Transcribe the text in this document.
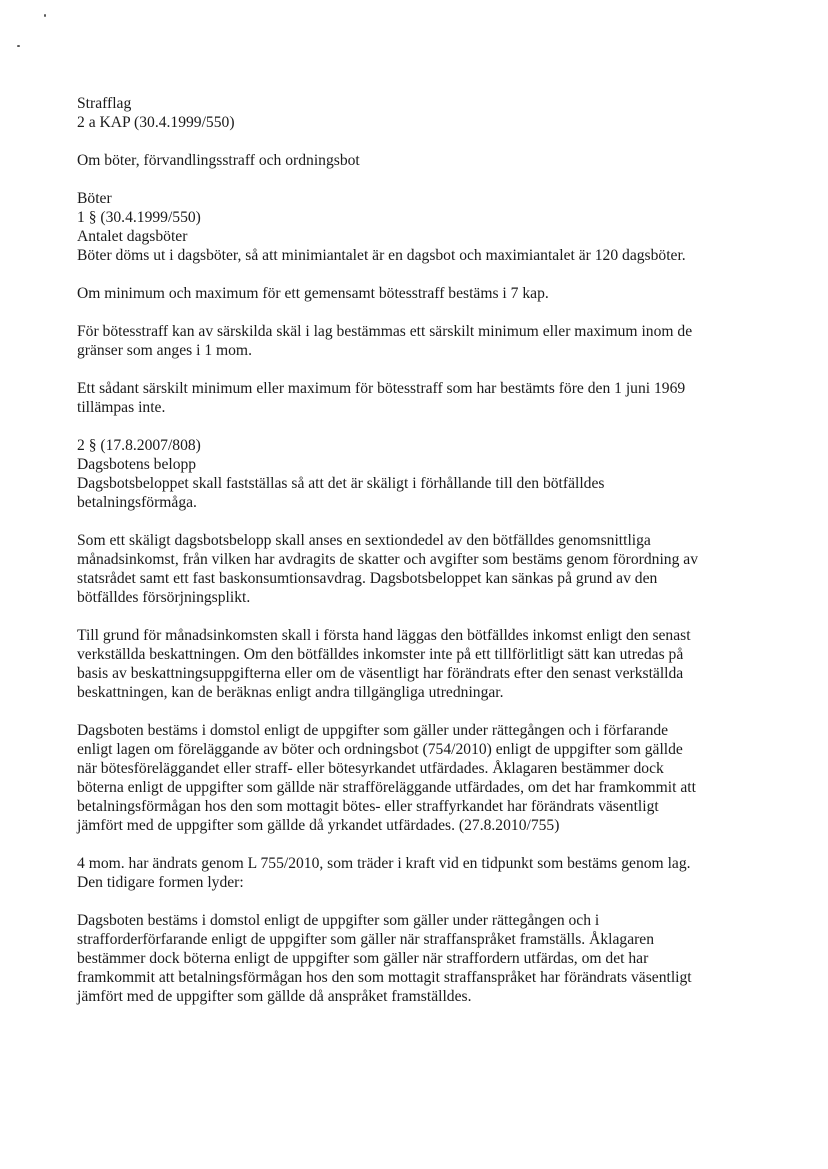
Strafflag
2 a KAP (30.4.1999/550)
Om böter, förvandlingsstraff och ordningsbot
Böter
1 § (30.4.1999/550)
Antalet dagsböter
Böter döms ut i dagsböter, så att minimiantalet är en dagsbot och maximiantalet är 120 dagsböter.
Om minimum och maximum för ett gemensamt bötesstraff bestäms i 7 kap.
För bötesstraff kan av särskilda skäl i lag bestämmas ett särskilt minimum eller maximum inom de
gränser som anges i 1 mom.
Ett sådant särskilt minimum eller maximum för bötesstraff som har bestämts före den 1 juni 1969
tillämpas inte.
2 § (17.8.2007/808)
Dagsbotens belopp
Dagsbotsbeloppet skall fastställas så att det är skäligt i förhållande till den bötfälldes
betalningsförmåga.
Som ett skäligt dagsbotsbelopp skall anses en sextiondedel av den bötfälldes genomsnittliga
månadsinkomst, från vilken har avdragits de skatter och avgifter som bestäms genom förordning av
statsrådet samt ett fast baskonsumtionsavdrag. Dagsbotsbeloppet kan sänkas på grund av den
bötfälldes försörjningsplikt.
Till grund för månadsinkomsten skall i första hand läggas den bötfälldes inkomst enligt den senast
verkställda beskattningen. Om den bötfälldes inkomster inte på ett tillförlitligt sätt kan utredas på
basis av beskattningsuppgifterna eller om de väsentligt har förändrats efter den senast verkställda
beskattningen, kan de beräknas enligt andra tillgängliga utredningar.
Dagsboten bestäms i domstol enligt de uppgifter som gäller under rättegången och i förfarande
enligt lagen om föreläggande av böter och ordningsbot (754/2010) enligt de uppgifter som gällde
när bötesföreläggandet eller straff- eller bötesyrkandet utfärdades. Åklagaren bestämmer dock
böterna enligt de uppgifter som gällde när strafföreläggande utfärdades, om det har framkommit att
betalningsförmågan hos den som mottagit bötes- eller straffyrkandet har förändrats väsentligt
jämfört med de uppgifter som gällde då yrkandet utfärdades. (27.8.2010/755)
4 mom. har ändrats genom L 755/2010, som träder i kraft vid en tidpunkt som bestäms genom lag.
Den tidigare formen lyder:
Dagsboten bestäms i domstol enligt de uppgifter som gäller under rättegången och i
strafforderförfarande enligt de uppgifter som gäller när straffanspråket framställs. Åklagaren
bestämmer dock böterna enligt de uppgifter som gäller när straffordern utfärdas, om det har
framkommit att betalningsförmågan hos den som mottagit straffanspråket har förändrats väsentligt
jämfört med de uppgifter som gällde då anspråket framställdes.
